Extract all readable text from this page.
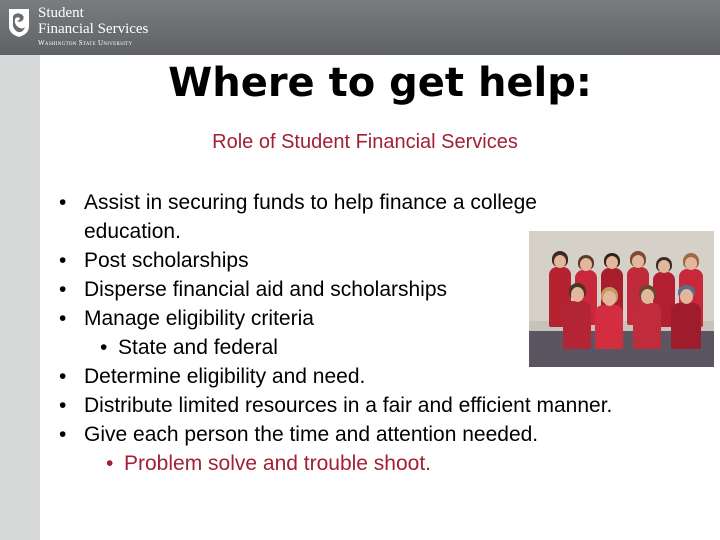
Student
Financial Services
Washington State University
Where to get help:

Role of Student Financial Services

• Assist in securing funds to help finance a college education.
• Post scholarships
• Disperse financial aid and scholarships
• Manage eligibility criteria
• State and federal
• Determine eligibility and need.
• Distribute limited resources in a fair and efficient manner.
• Give each person the time and attention needed.
• Problem solve and trouble shoot.
